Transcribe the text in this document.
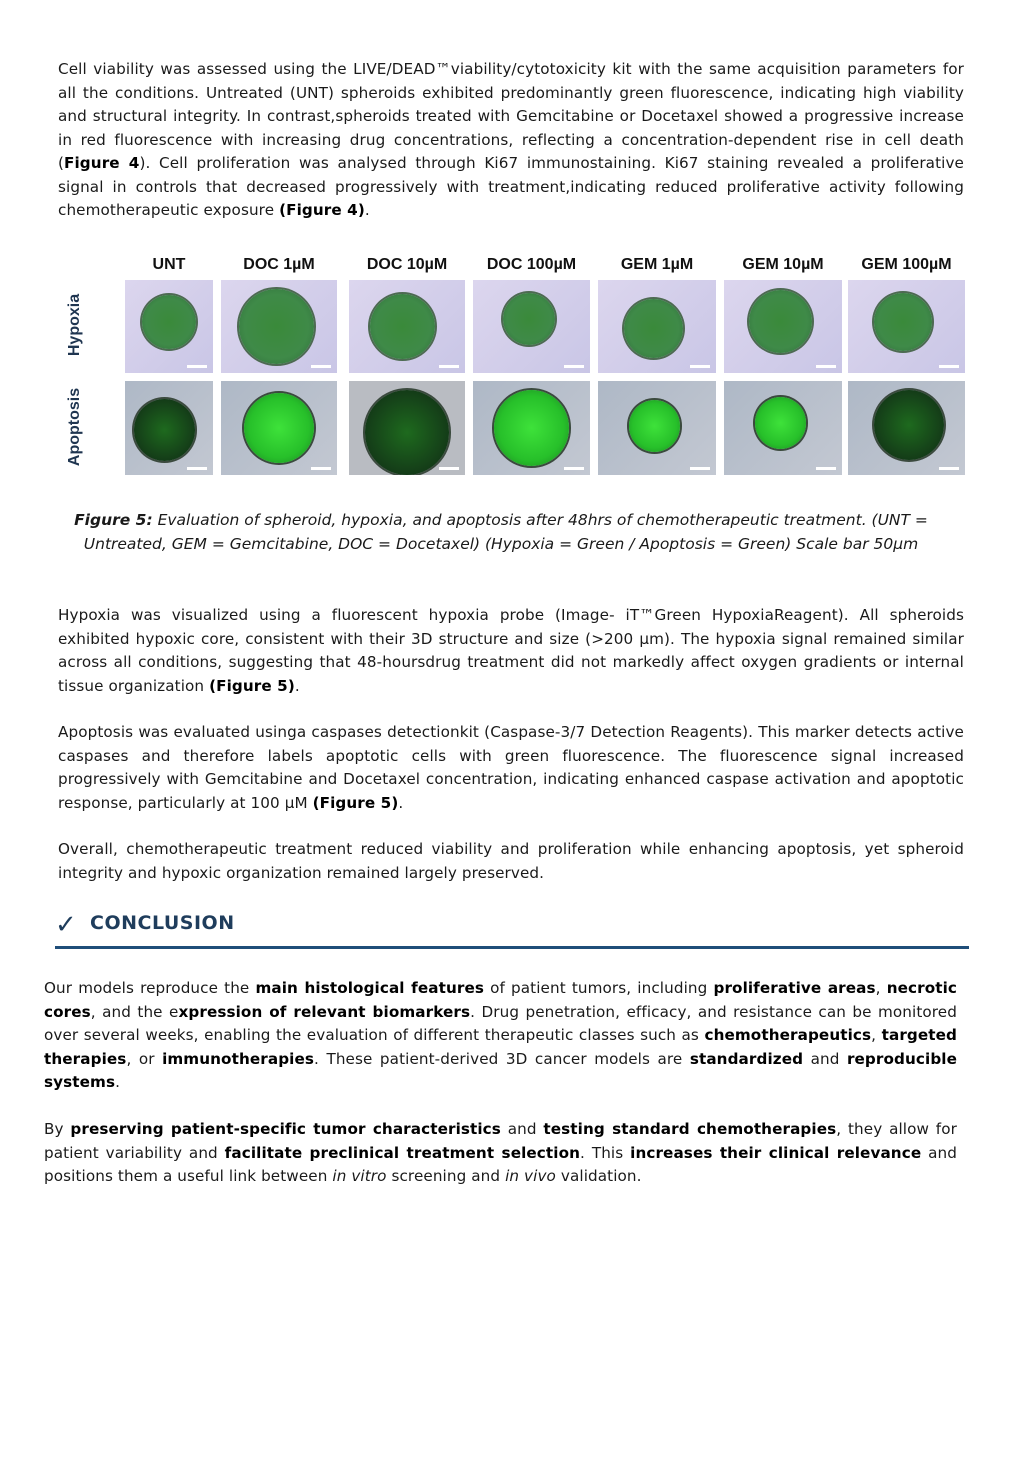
Cell viability was assessed using the LIVE/DEAD™viability/cytotoxicity kit with the same acquisition parameters for all the conditions. Untreated (UNT) spheroids exhibited predominantly green fluorescence, indicating high viability and structural integrity. In contrast,spheroids treated with Gemcitabine or Docetaxel showed a progressive increase in red fluorescence with increasing drug concentrations, reflecting a concentration-dependent rise in cell death (Figure 4). Cell proliferation was analysed through Ki67 immunostaining. Ki67 staining revealed a proliferative signal in controls that decreased progressively with treatment,indicating reduced proliferative activity following chemotherapeutic exposure (Figure 4).
UNT	DOC 1µM	DOC 10µM	DOC 100µM	GEM 1µM	GEM 10µM	GEM 100µM
Hypoxia
Apoptosis
Figure 5: Evaluation of spheroid, hypoxia, and apoptosis after 48hrs of chemotherapeutic treatment. (UNT = Untreated, GEM = Gemcitabine, DOC = Docetaxel) (Hypoxia = Green / Apoptosis = Green) Scale bar 50µm
Hypoxia was visualized using a fluorescent hypoxia probe (Image- iT™Green HypoxiaReagent). All spheroids exhibited hypoxic core, consistent with their 3D structure and size (>200 µm). The hypoxia signal remained similar across all conditions, suggesting that 48-hoursdrug treatment did not markedly affect oxygen gradients or internal tissue organization (Figure 5).
Apoptosis was evaluated usinga caspases detectionkit (Caspase-3/7 Detection Reagents). This marker detects active caspases and therefore labels apoptotic cells with green fluorescence. The fluorescence signal increased progressively with Gemcitabine and Docetaxel concentration, indicating enhanced caspase activation and apoptotic response, particularly at 100 µM (Figure 5).
Overall, chemotherapeutic treatment reduced viability and proliferation while enhancing apoptosis, yet spheroid integrity and hypoxic organization remained largely preserved.
✓ CONCLUSION
Our models reproduce the main histological features of patient tumors, including proliferative areas, necrotic cores, and the expression of relevant biomarkers. Drug penetration, efficacy, and resistance can be monitored over several weeks, enabling the evaluation of different therapeutic classes such as chemotherapeutics, targeted therapies, or immunotherapies. These patient-derived 3D cancer models are standardized and reproducible systems.
By preserving patient-specific tumor characteristics and testing standard chemotherapies, they allow for patient variability and facilitate preclinical treatment selection. This increases their clinical relevance and positions them a useful link between in vitro screening and in vivo validation.
